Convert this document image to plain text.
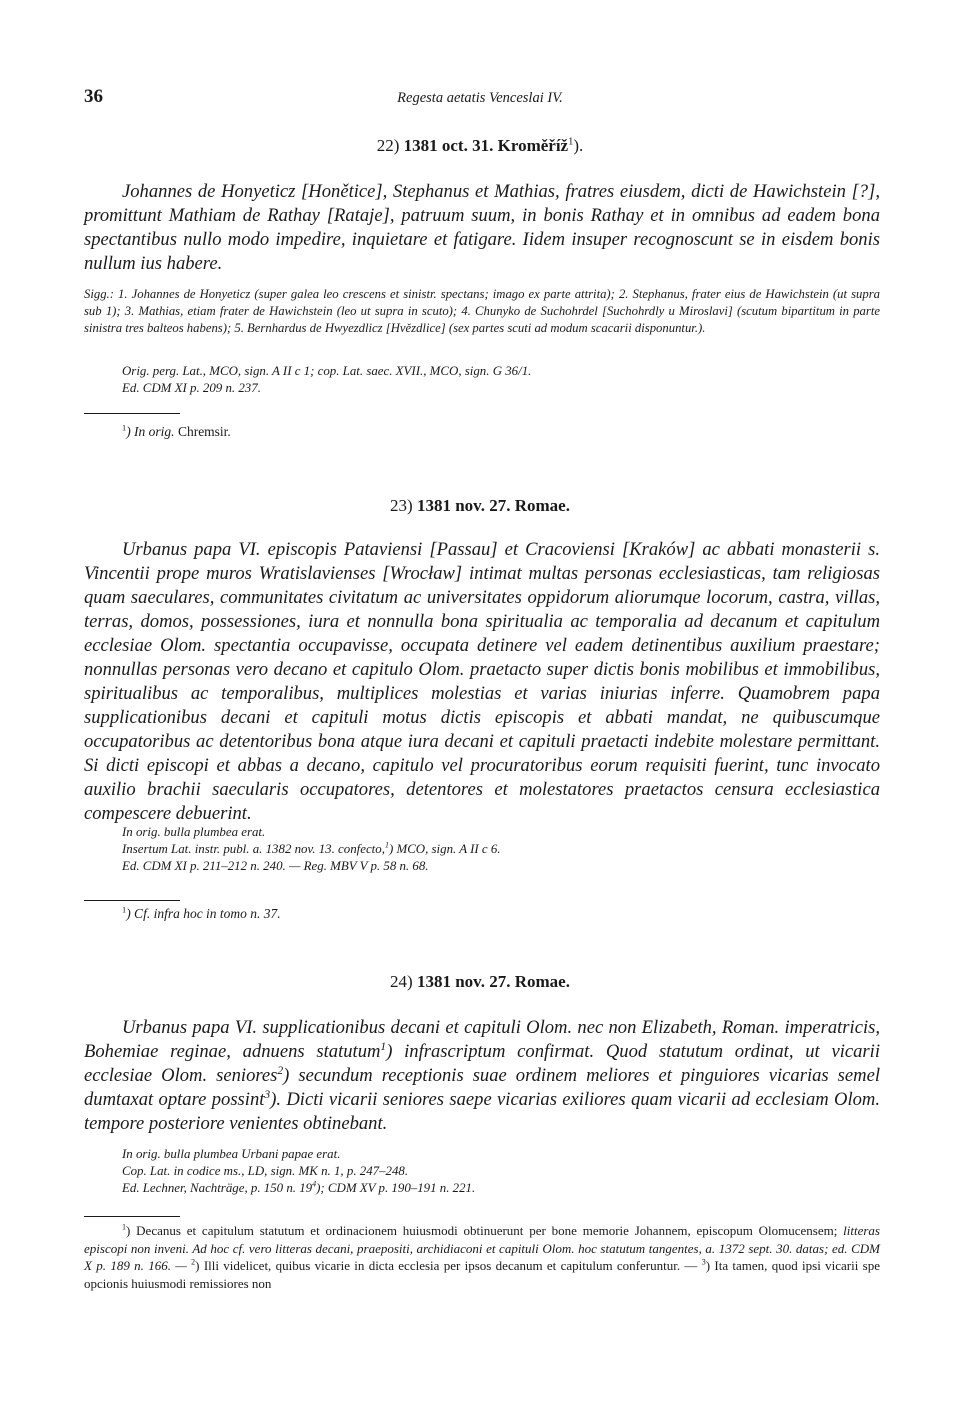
36	Regesta aetatis Venceslai IV.
22) 1381 oct. 31. Kroměříž$^1$).

Johannes de Honyeticz [Honětice], Stephanus et Mathias, fratres eiusdem, dicti de Hawichstein [?], promittunt Mathiam de Rathay [Rataje], patruum suum, in bonis Rathay et in omnibus ad eadem bona spectantibus nullo modo impedire, inquietare et fatigare. Iidem insuper recognoscunt se in eisdem bonis nullum ius habere.

Sigg.: 1. Johannes de Honyeticz (super galea leo crescens et sinistr. spectans; imago ex parte attrita); 2. Stephanus, frater eius de Hawichstein (ut supra sub 1); 3. Mathias, etiam frater de Hawichstein (leo ut supra in scuto); 4. Chunyko de Suchohrdel [Suchohrdly u Miroslavi] (scutum bipartitum in parte sinistra tres balteos habens); 5. Bernhardus de Hwyezdlicz [Hvězdlice] (sex partes scuti ad modum scacarii disponuntur.).

Orig. perg. Lat., MCO, sign. A II c 1; cop. Lat. saec. XVII., MCO, sign. G 36/1.
Ed. CDM XI p. 209 n. 237.
$^1$) In orig. Chremsir.
23) 1381 nov. 27. Romae.

Urbanus papa VI. episcopis Pataviensi [Passau] et Cracoviensi [Kraków] ac abbati monasterii s. Vincentii prope muros Wratislavienses [Wrocław] intimat multas personas ecclesiasticas, tam religiosas quam saeculares, communitates civitatum ac universitates oppidorum aliorumque locorum, castra, villas, terras, domos, possessiones, iura et nonnulla bona spiritualia ac temporalia ad decanum et capitulum ecclesiae Olom. spectantia occupavisse, occupata detinere vel eadem detinentibus auxilium praestare; nonnullas personas vero decano et capitulo Olom. praetacto super dictis bonis mobilibus et immobilibus, spiritualibus ac temporalibus, multiplices molestias et varias iniurias inferre. Quamobrem papa supplicationibus decani et capituli motus dictis episcopis et abbati mandat, ne quibuscumque occupatoribus ac detentoribus bona atque iura decani et capituli praetacti indebite molestare permittant. Si dicti episcopi et abbas a decano, capitulo vel procuratoribus eorum requisiti fuerint, tunc invocato auxilio brachii saecularis occupatores, detentores et molestatores praetactos censura ecclesiastica compescere debuerint.

In orig. bulla plumbea erat.
Insertum Lat. instr. publ. a. 1382 nov. 13. confecto,$^1$) MCO, sign. A II c 6.
Ed. CDM XI p. 211–212 n. 240. — Reg. MBV V p. 58 n. 68.
$^1$) Cf. infra hoc in tomo n. 37.
24) 1381 nov. 27. Romae.

Urbanus papa VI. supplicationibus decani et capituli Olom. nec non Elizabeth, Roman. imperatricis, Bohemiae reginae, adnuens statutum$^1$) infrascriptum confirmat. Quod statutum ordinat, ut vicarii ecclesiae Olom. seniores$^2$) secundum receptionis suae ordinem meliores et pinguiores vicarias semel dumtaxat optare possint$^3$). Dicti vicarii seniores saepe vicarias exiliores quam vicarii ad ecclesiam Olom. tempore posteriore venientes obtinebant.

In orig. bulla plumbea Urbani papae erat.
Cop. Lat. in codice ms., LD, sign. MK n. 1, p. 247–248.
Ed. Lechner, Nachträge, p. 150 n. $19^4$); CDM XV p. 190–191 n. 221.

$^1$) Decanus et capitulum statutum et ordinacionem huiusmodi obtinuerunt per bone memorie Johannem, episcopum Olomucensem; litteras episcopi non inveni. Ad hoc cf. vero litteras decani, praepositi, archidiaconi et capituli Olom. hoc statutum tangentes, a. 1372 sept. 30. datas; ed. CDM X p. 189 n. 166. — $^2$) Illi videlicet, quibus vicarie in dicta ecclesia per ipsos decanum et capitulum conferuntur. — $^3$) Ita tamen, quod ipsi vicarii spe opcionis huiusmodi remissiores non
